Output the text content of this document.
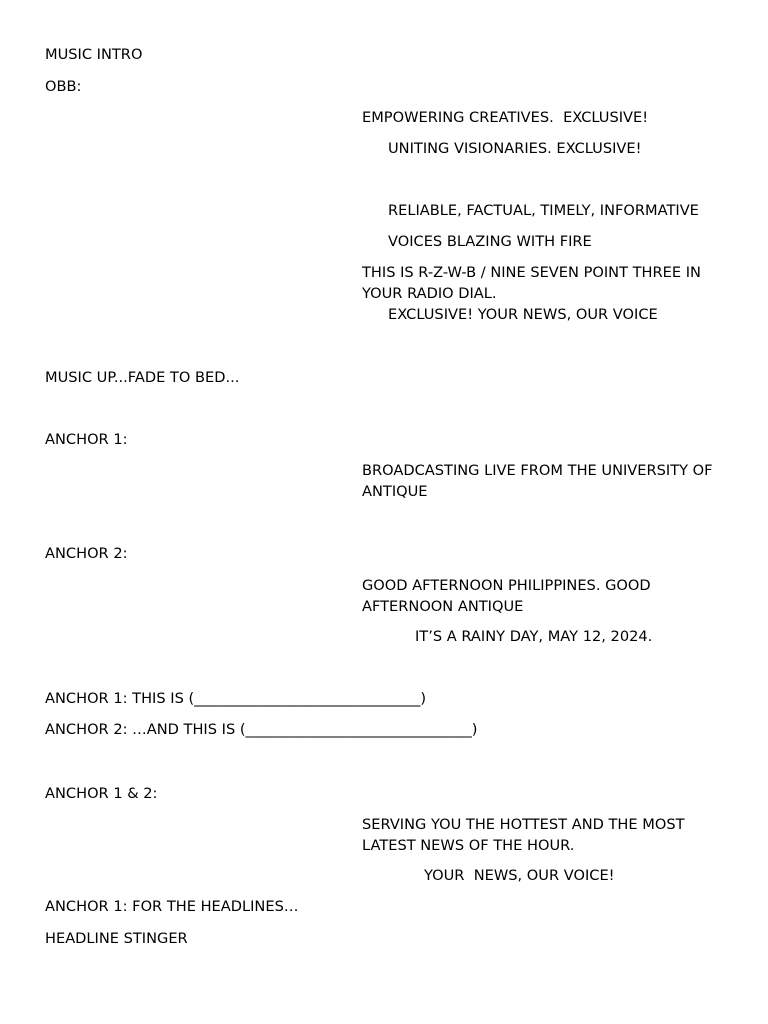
MUSIC INTRO
OBB:
EMPOWERING CREATIVES.  EXCLUSIVE!
UNITING VISIONARIES. EXCLUSIVE!
RELIABLE, FACTUAL, TIMELY, INFORMATIVE
VOICES BLAZING WITH FIRE
THIS IS R-Z-W-B / NINE SEVEN POINT THREE IN YOUR RADIO DIAL.
EXCLUSIVE! YOUR NEWS, OUR VOICE
MUSIC UP...FADE TO BED...
ANCHOR 1:
BROADCASTING LIVE FROM THE UNIVERSITY OF ANTIQUE
ANCHOR 2:
GOOD AFTERNOON PHILIPPINES. GOOD AFTERNOON ANTIQUE
IT’S A RAINY DAY, MAY 12, 2024.
ANCHOR 1: THIS IS (_______________________________)
ANCHOR 2: …AND THIS IS (_______________________________)
ANCHOR 1 & 2:
SERVING YOU THE HOTTEST AND THE MOST LATEST NEWS OF THE HOUR.
YOUR  NEWS, OUR VOICE!
ANCHOR 1: FOR THE HEADLINES…
HEADLINE STINGER
